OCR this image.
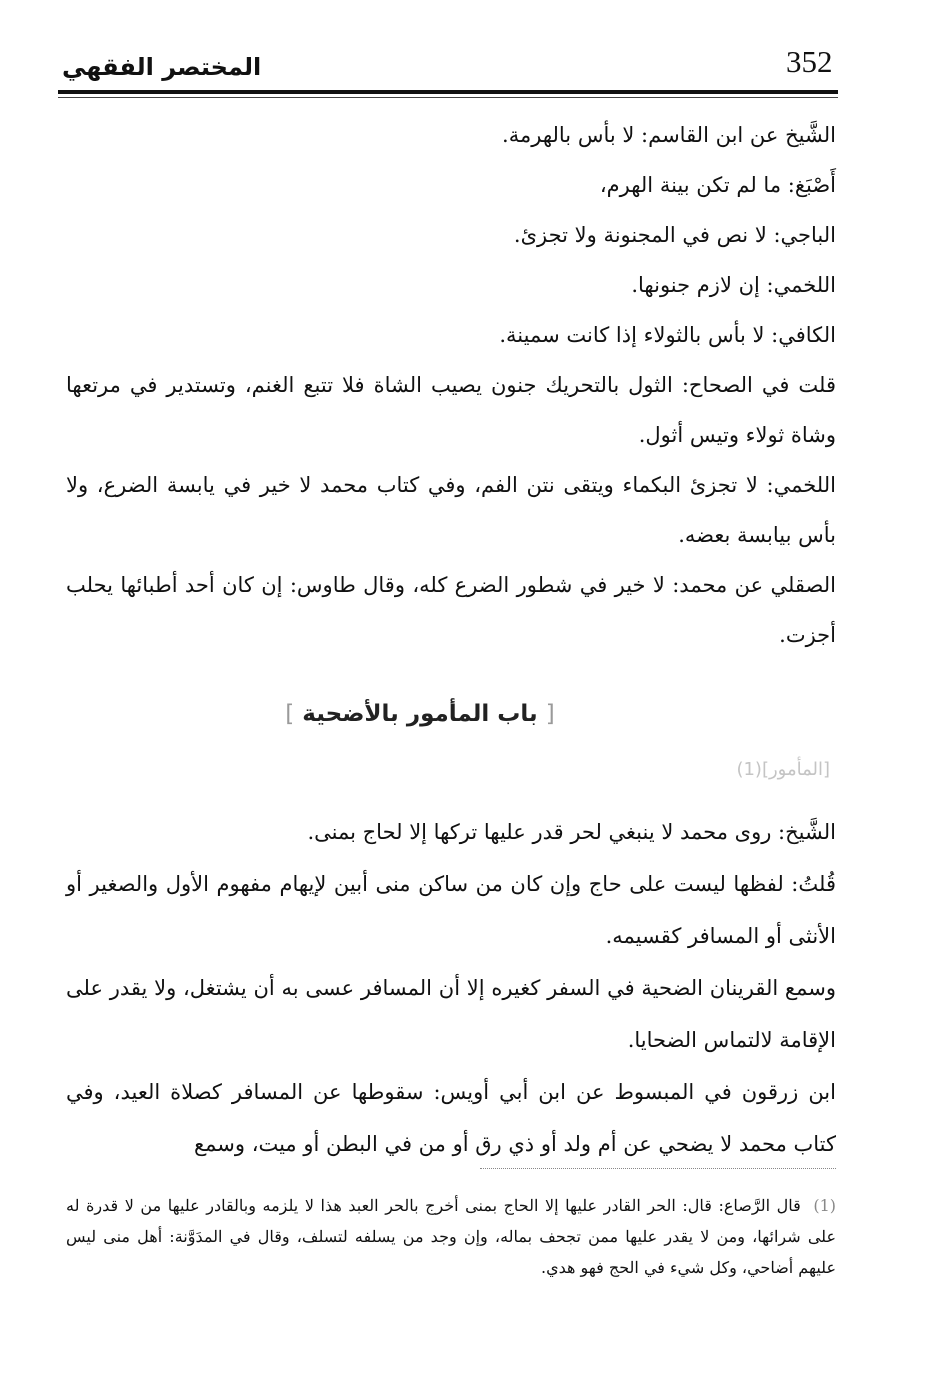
352
المختصر الفقهي

الشَّيخ عن ابن القاسم: لا بأس بالهرمة.

أَصْبَغ: ما لم تكن بينة الهرم،

الباجي: لا نص في المجنونة ولا تجزئ.

اللخمي: إن لازم جنونها.

الكافي: لا بأس بالثولاء إذا كانت سمينة.

قلت في الصحاح: الثول بالتحريك جنون يصيب الشاة فلا تتبع الغنم، وتستدير في مرتعها وشاة ثولاء وتيس أثول.

اللخمي: لا تجزئ البكماء ويتقى نتن الفم، وفي كتاب محمد لا خير في يابسة الضرع، ولا بأس بيابسة بعضه.

الصقلي عن محمد: لا خير في شطور الضرع كله، وقال طاوس: إن كان أحد أطبائها يحلب أجزت.

[ باب المأمور بالأضحية ]
[المأمور](1)

الشَّيخ: روى محمد لا ينبغي لحر قدر عليها تركها إلا لحاج بمنى.

قُلتُ: لفظها ليست على حاج وإن كان من ساكن منى أبين لإيهام مفهوم الأول والصغير أو الأنثى أو المسافر كقسيمه.

وسمع القرينان الضحية في السفر كغيره إلا أن المسافر عسى به أن يشتغل، ولا يقدر على الإقامة لالتماس الضحايا.

ابن زرقون في المبسوط عن ابن أبي أويس: سقوطها عن المسافر كصلاة العيد، وفي كتاب محمد لا يضحي عن أم ولد أو ذي رق أو من في البطن أو ميت، وسمع

(1) قال الرَّصاع: قال: الحر القادر عليها إلا الحاج بمنى أخرج بالحر العبد هذا لا يلزمه وبالقادر عليها من لا قدرة له على شرائها، ومن لا يقدر عليها ممن تجحف بماله، وإن وجد من يسلفه لتسلف، وقال في المدَوَّنة: أهل منى ليس عليهم أضاحي، وكل شيء في الحج فهو هدي.
